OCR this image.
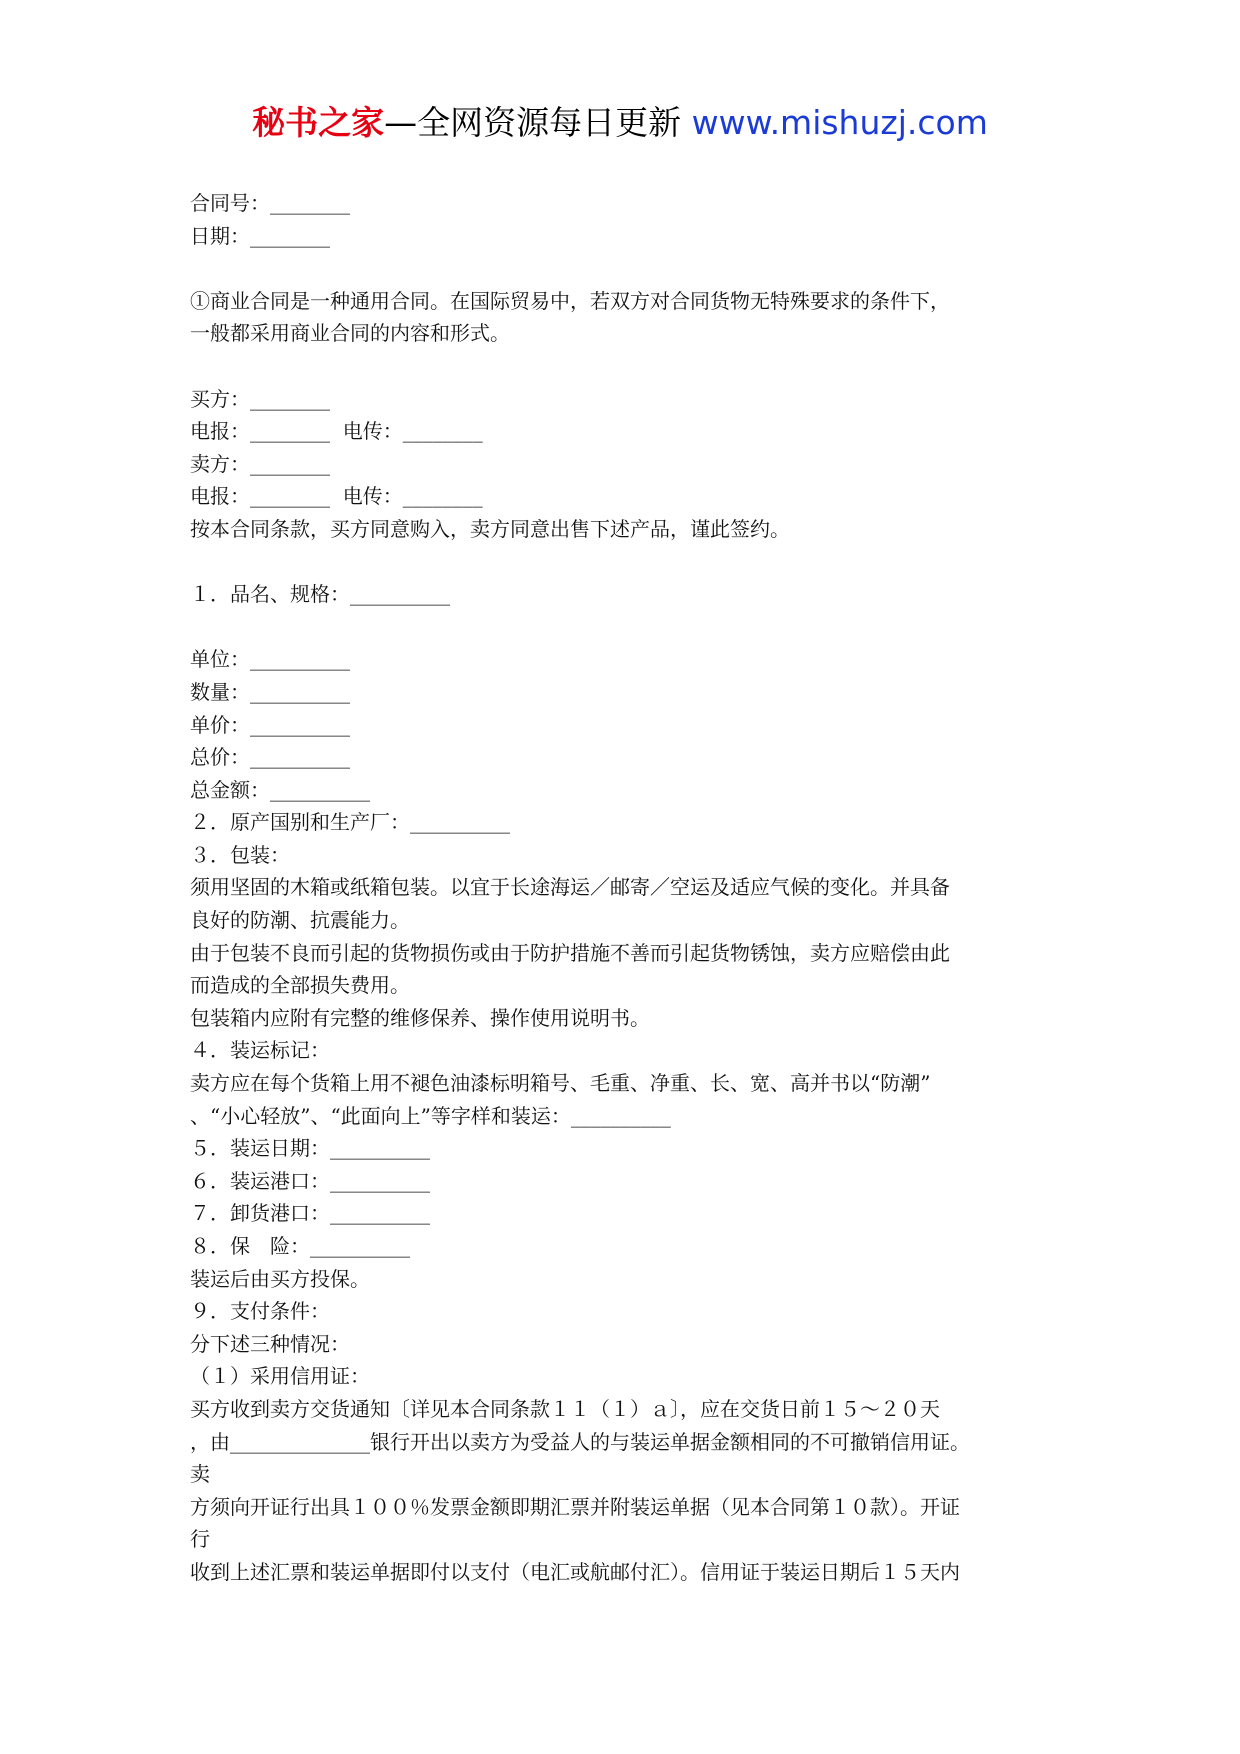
秘书之家—全网资源每日更新 www.mishuzj.com
合同号：________
日期：________
①商业合同是一种通用合同。在国际贸易中，若双方对合同货物无特殊要求的条件下，
一般都采用商业合同的内容和形式。
买方：________
电报：________  电传：________
卖方：________
电报：________  电传：________
按本合同条款，买方同意购入，卖方同意出售下述产品，谨此签约。
１．品名、规格：__________
单位：__________
数量：__________
单价：__________
总价：__________
总金额：__________
２．原产国别和生产厂：__________
３．包装：
须用坚固的木箱或纸箱包装。以宜于长途海运／邮寄／空运及适应气候的变化。并具备
良好的防潮、抗震能力。
由于包装不良而引起的货物损伤或由于防护措施不善而引起货物锈蚀，卖方应赔偿由此
而造成的全部损失费用。
包装箱内应附有完整的维修保养、操作使用说明书。
４．装运标记：
卖方应在每个货箱上用不褪色油漆标明箱号、毛重、净重、长、宽、高并书以“防潮”
、“小心轻放”、“此面向上”等字样和装运：__________
５．装运日期：__________
６．装运港口：__________
７．卸货港口：__________
８．保　险：__________
装运后由买方投保。
９．支付条件：
分下述三种情况：
（１）采用信用证：
买方收到卖方交货通知〔详见本合同条款１１（１）ａ〕，应在交货日前１５～２０天
，由______________银行开出以卖方为受益人的与装运单据金额相同的不可撤销信用证。
卖
方须向开证行出具１００％发票金额即期汇票并附装运单据（见本合同第１０款）。开证
行
收到上述汇票和装运单据即付以支付（电汇或航邮付汇）。信用证于装运日期后１５天内
